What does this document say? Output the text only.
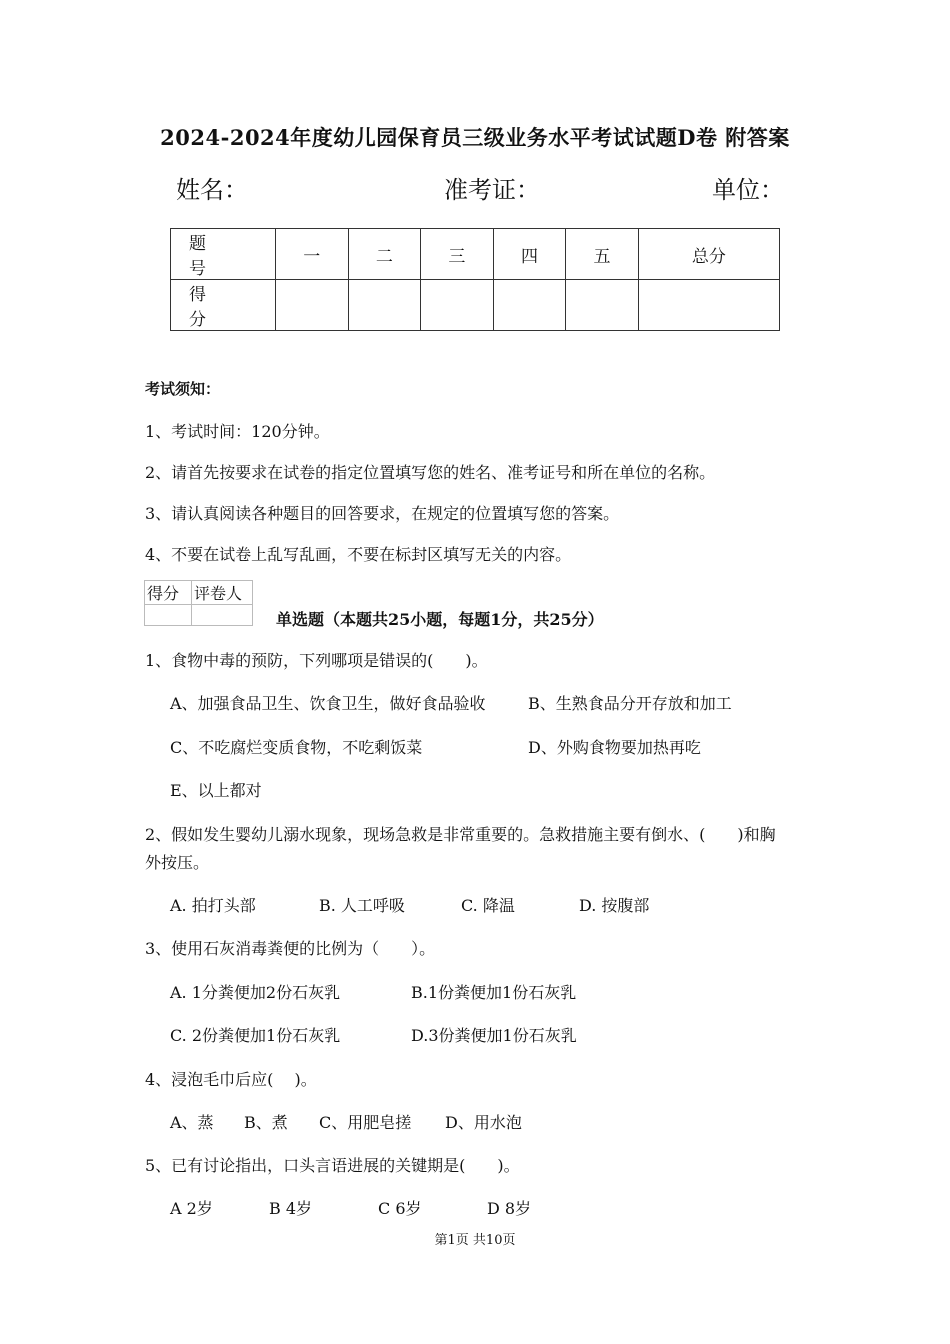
2024-2024年度幼儿园保育员三级业务水平考试试题D卷 附答案
姓名：	准考证：	单位：
题　号	一	二	三	四	五	总分
得　分						
考试须知：
1、考试时间：120分钟。
2、请首先按要求在试卷的指定位置填写您的姓名、准考证号和所在单位的名称。
3、请认真阅读各种题目的回答要求，在规定的位置填写您的答案。
4、不要在试卷上乱写乱画，不要在标封区填写无关的内容。
得分	评卷人

单选题（本题共25小题，每题1分，共25分）
1、食物中毒的预防，下列哪项是错误的(　　)。
A、加强食品卫生、饮食卫生，做好食品验收	B、生熟食品分开存放和加工
C、不吃腐烂变质食物，不吃剩饭菜	D、外购食物要加热再吃
E、以上都对
2、假如发生婴幼儿溺水现象，现场急救是非常重要的。急救措施主要有倒水、(　　)和胸
外按压。
A. 拍打头部	B. 人工呼吸	C. 降温	D. 按腹部
3、使用石灰消毒粪便的比例为（　　）。
A. 1分粪便加2份石灰乳	B.1份粪便加1份石灰乳
C. 2份粪便加1份石灰乳	D.3份粪便加1份石灰乳
4、浸泡毛巾后应(　 )。
A、蒸 B、煮 C、用肥皂搓 D、用水泡
5、已有讨论指出，口头言语进展的关键期是(　　)。
A 2岁	B 4岁	C 6岁	D 8岁
第1页 共10页
